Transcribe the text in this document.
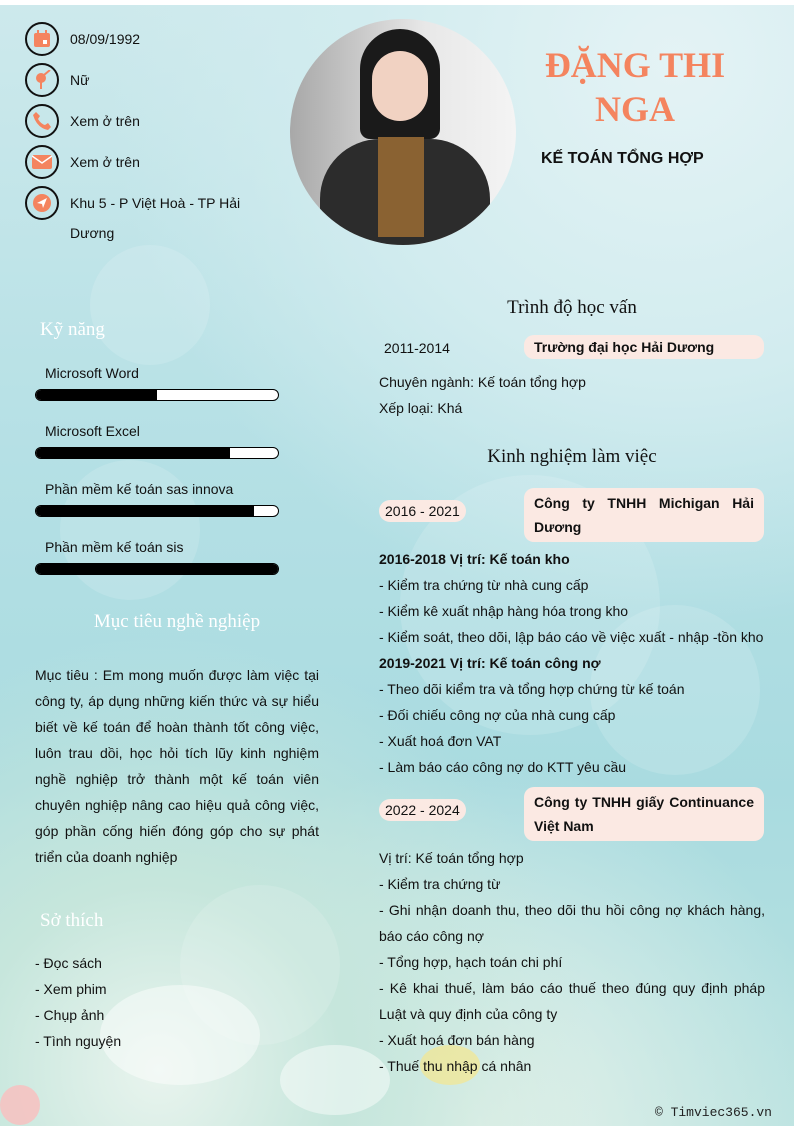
08/09/1992
Nữ
Xem ở trên
Xem ở trên
Khu 5 - P Việt Hoà - TP Hải Dương
ĐẶNG THI
NGA
KẾ TOÁN TỔNG HỢP
Kỹ năng
Microsoft Word
Microsoft Excel
Phần mềm kế toán sas innova
Phần mềm kế toán sis
Mục tiêu nghề nghiệp
Mục tiêu : Em mong muốn được làm việc tại công ty, áp dụng những kiến thức và sự hiểu biết về kế toán để hoàn thành tốt công việc, luôn trau dồi, học hỏi tích lũy kinh nghiệm nghề nghiệp trở thành một kế toán viên chuyên nghiệp nâng cao hiệu quả công việc, góp phần cống hiến đóng góp cho sự phát triển của doanh nghiệp
Sở thích
- Đọc sách
- Xem phim
- Chụp ảnh
- Tình nguyện
Trình độ học vấn
2011-2014	Trường đại học Hải Dương
Chuyên ngành: Kế toán tổng hợp
Xếp loại: Khá
Kinh nghiệm làm việc
2016 - 2021	Công ty TNHH Michigan Hải Dương
2016-2018 Vị trí: Kế toán kho
- Kiểm tra chứng từ nhà cung cấp
- Kiểm kê xuất nhập hàng hóa trong kho
- Kiểm soát, theo dõi, lập báo cáo về việc xuất - nhập -tồn kho
2019-2021 Vị trí: Kế toán công nợ
- Theo dõi kiểm tra và tổng hợp chứng từ kế toán
- Đối chiếu công nợ của nhà cung cấp
- Xuất hoá đơn VAT
- Làm báo cáo công nợ do KTT yêu cầu
2022 - 2024	Công ty TNHH giấy Continuance Việt Nam
Vị trí: Kế toán tổng hợp
- Kiểm tra chứng từ
- Ghi nhận doanh thu, theo dõi thu hồi công nợ khách hàng, báo cáo công nợ
- Tổng hợp, hạch toán chi phí
- Kê khai thuế, làm báo cáo thuế theo đúng quy định pháp Luật và quy định của công ty
- Xuất hoá đơn bán hàng
- Thuế thu nhập cá nhân
© Timviec365.vn
